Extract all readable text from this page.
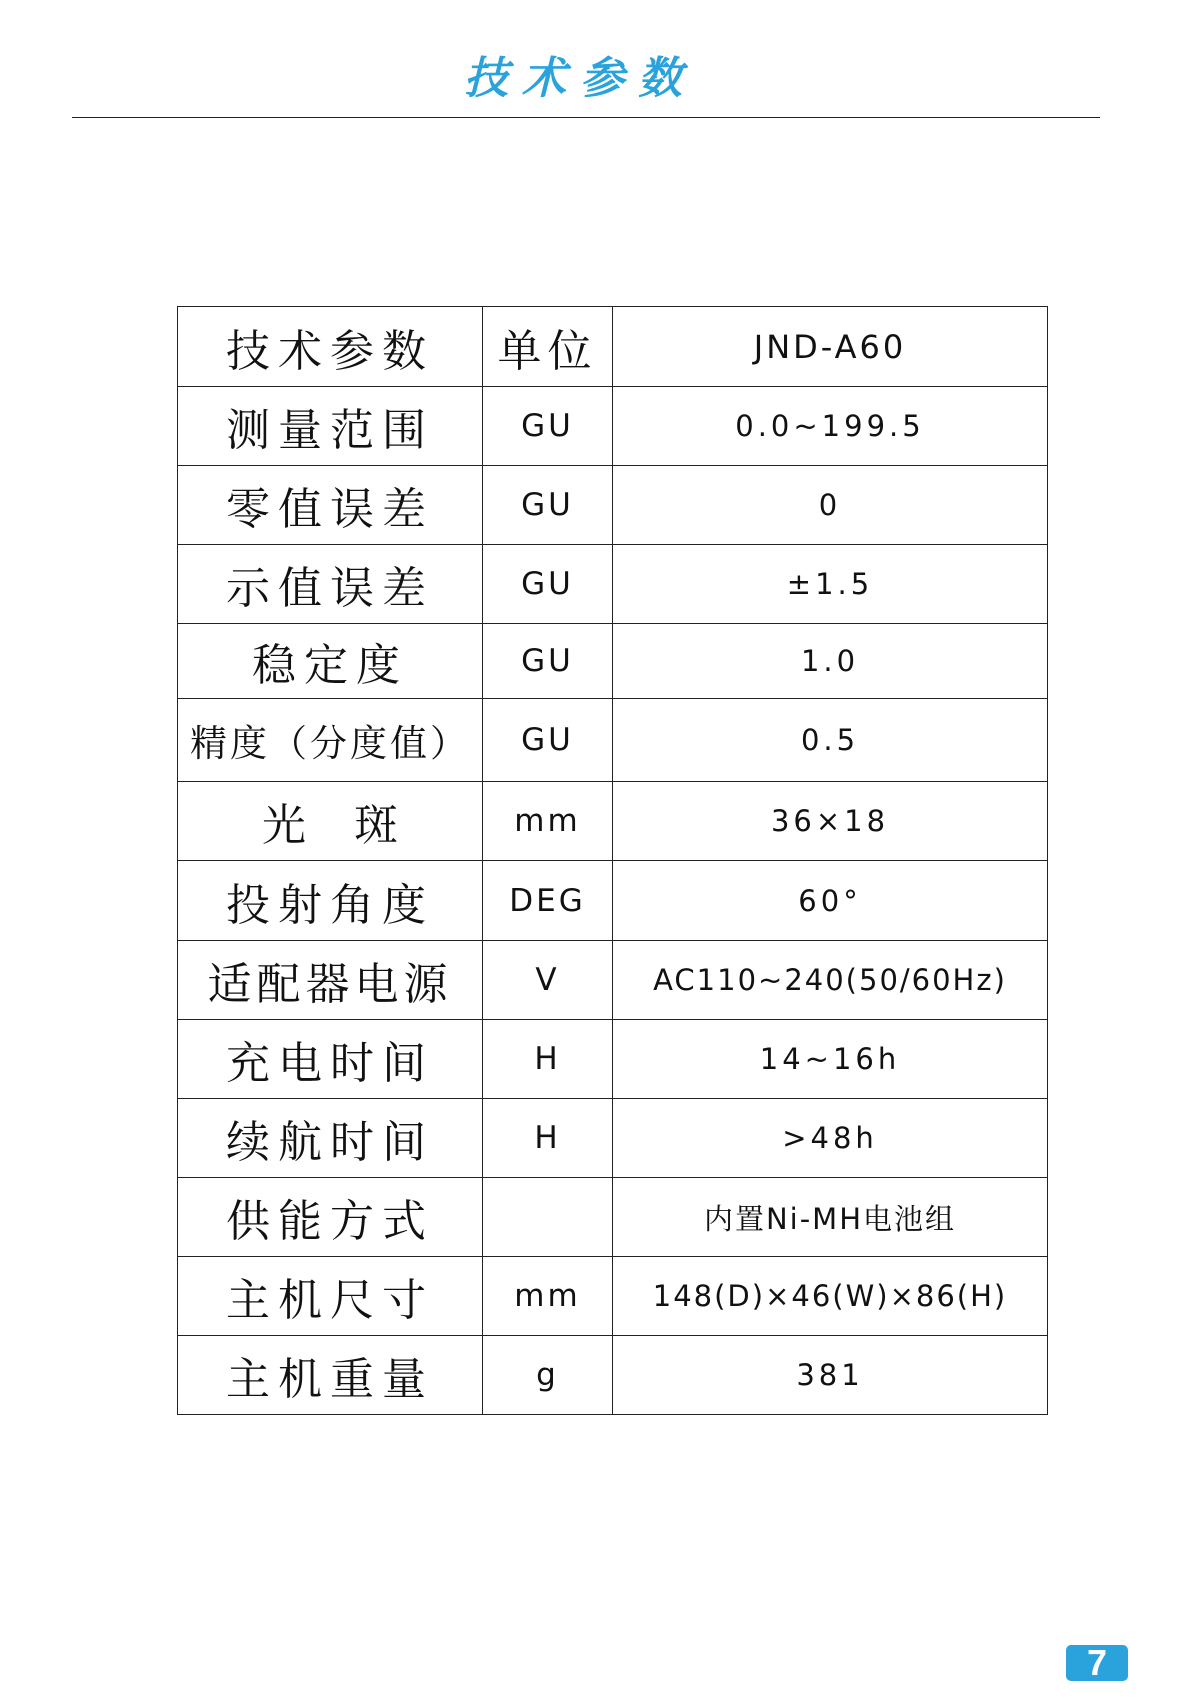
技术参数
技术参数	单位	JND-A60
测量范围	GU	0.0~199.5
零值误差	GU	0
示值误差	GU	±1.5
稳定度	GU	1.0
精度（分度值）	GU	0.5
光斑	mm	36×18
投射角度	DEG	60°
适配器电源	V	AC110~240(50/60Hz)
充电时间	H	14~16h
续航时间	H	>48h
供能方式		内置Ni-MH电池组
主机尺寸	mm	148(D)×46(W)×86(H)
主机重量	g	381
7
